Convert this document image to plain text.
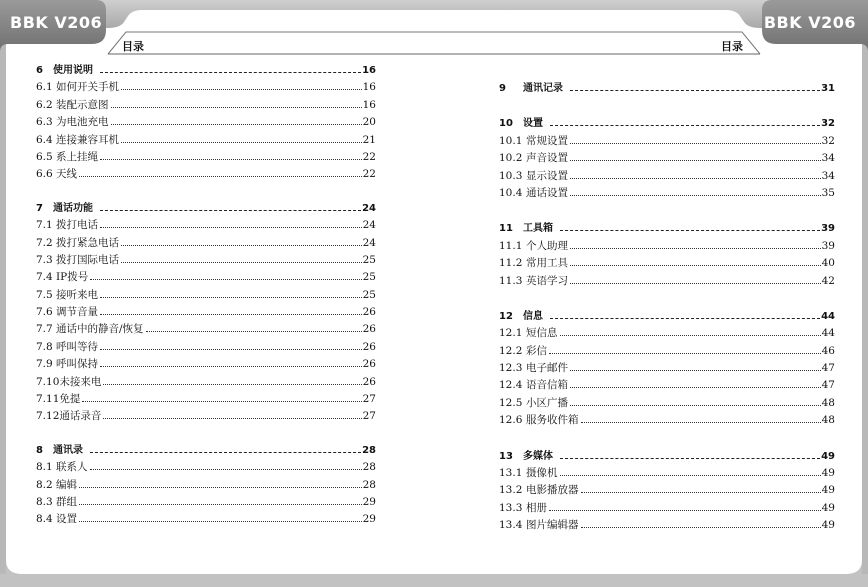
BBK V206	BBK V206
目录	目录
6	使用说明	16
6.1 如何开关手机	16
6.2 装配示意图	16
6.3 为电池充电	20
6.4 连接兼容耳机	21
6.5 系上挂绳	22
6.6 天线	22
7	通话功能	24
7.1 拨打电话	24
7.2 拨打紧急电话	24
7.3 拨打国际电话	25
7.4 IP拨号	25
7.5 接听来电	25
7.6 调节音量	26
7.7 通话中的静音/恢复	26
7.8 呼叫等待	26
7.9 呼叫保持	26
7.10 未接来电	26
7.11 免提	27
7.12 通话录音	27
8	通讯录	28
8.1 联系人	28
8.2 编辑	28
8.3 群组	29
8.4 设置	29
9	通讯记录	31
10	设置	32
10.1 常规设置	32
10.2 声音设置	34
10.3 显示设置	34
10.4 通话设置	35
11	工具箱	39
11.1 个人助理	39
11.2 常用工具	40
11.3 英语学习	42
12	信息	44
12.1 短信息	44
12.2 彩信	46
12.3 电子邮件	47
12.4 语音信箱	47
12.5 小区广播	48
12.6 服务收件箱	48
13	多媒体	49
13.1 摄像机	49
13.2 电影播放器	49
13.3 相册	49
13.4 图片编辑器	49
